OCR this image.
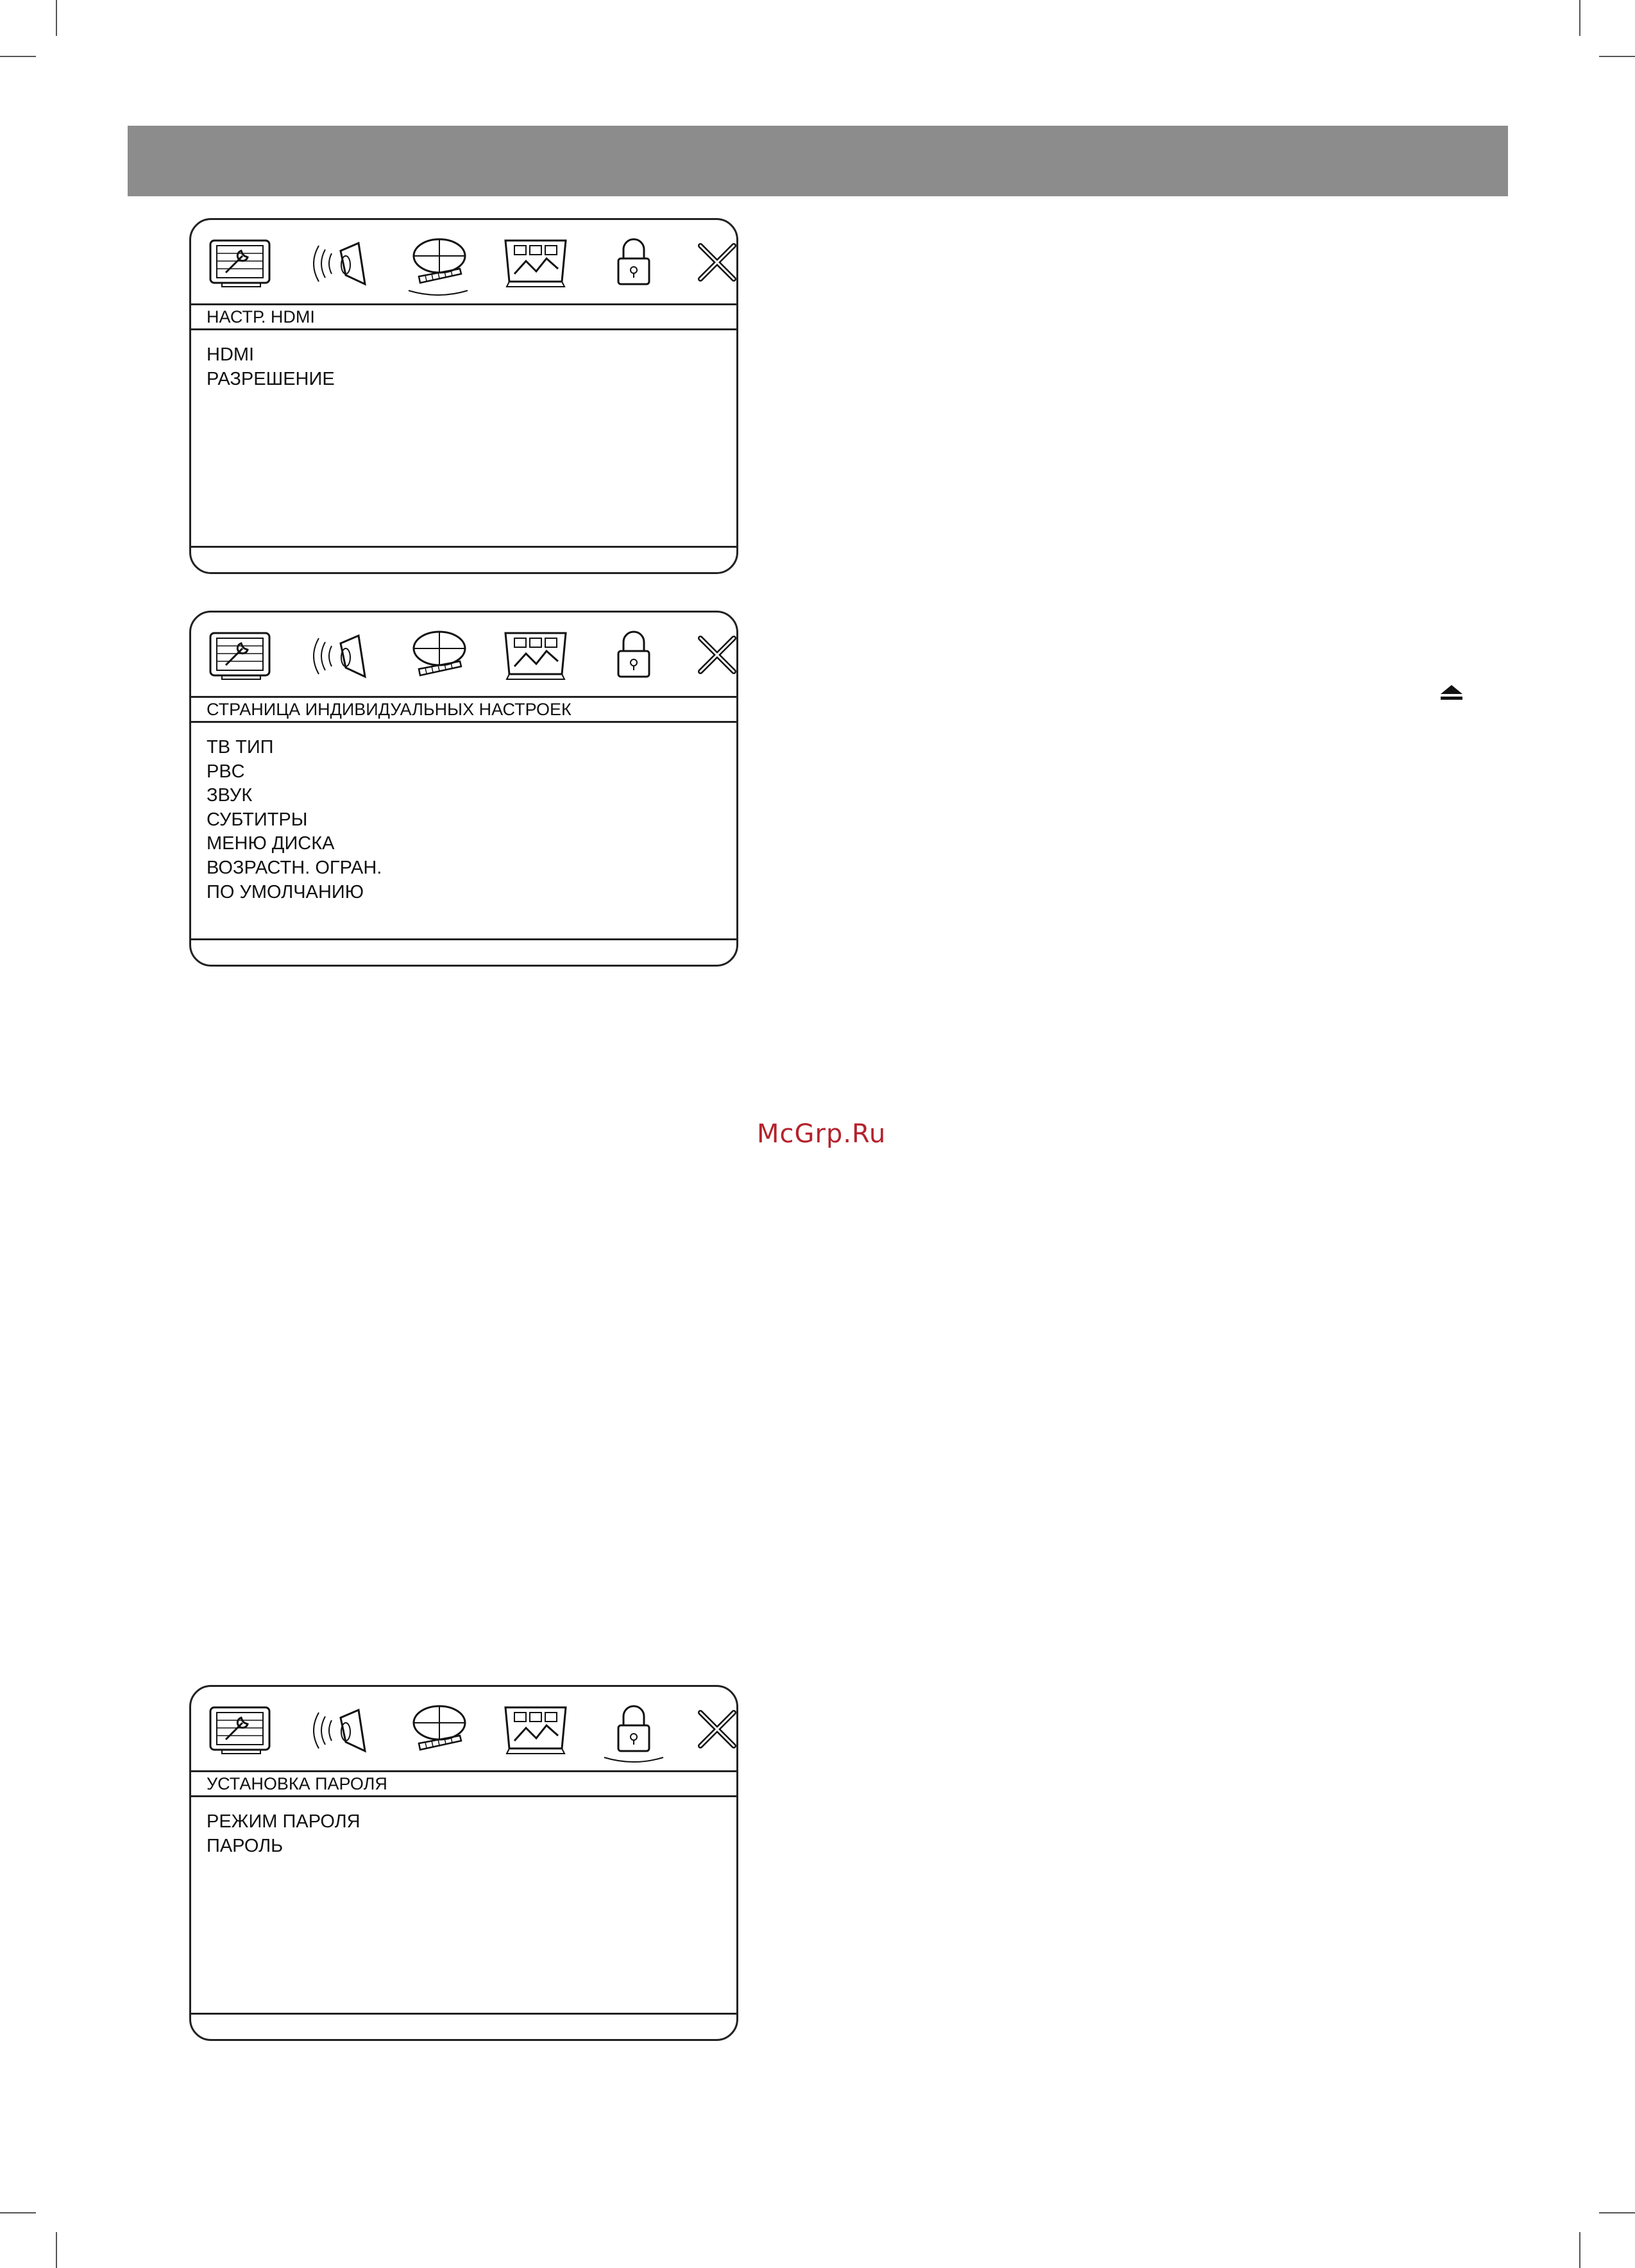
НАСТР. HDMI
HDMI
РАЗРЕШЕНИЕ
СТРАНИЦА ИНДИВИДУАЛЬНЫХ НАСТРОЕК
ТВ ТИП
PBC
ЗВУК
СУБТИТРЫ
МЕНЮ ДИСКА
ВОЗРАСТН. ОГРАН.
ПО УМОЛЧАНИЮ
УСТАНОВКА ПАРОЛЯ
РЕЖИМ ПАРОЛЯ
ПАРОЛЬ
McGrp.Ru
